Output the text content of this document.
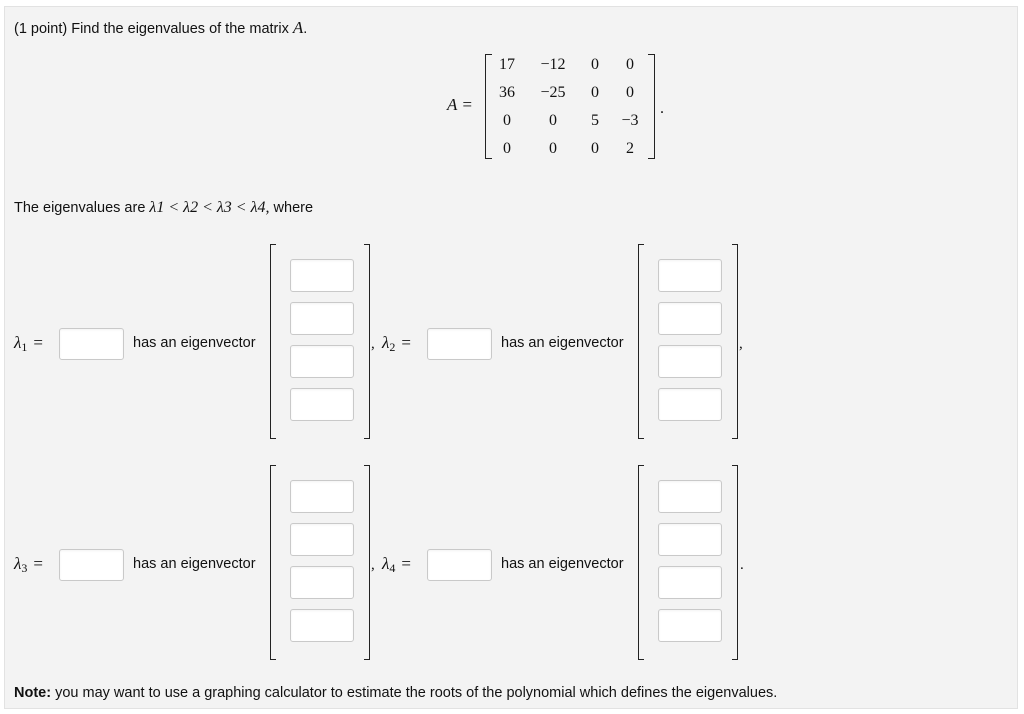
(1 point) Find the eigenvalues of the matrix A.
A =
17	−12	0	0
36	−25	0	0
0	0	5	−3
0	0	0	2
.
The eigenvalues are λ1 < λ2 < λ3 < λ4, where
$\lambda_1$ =	has an eigenvector	$\lambda_2$ =
,	has an eigenvector
$\lambda_3$ =	has an eigenvector	$\lambda_4$ =
,	has an eigenvector
,
.
Note: you may want to use a graphing calculator to estimate the roots of the polynomial which defines the eigenvalues.
